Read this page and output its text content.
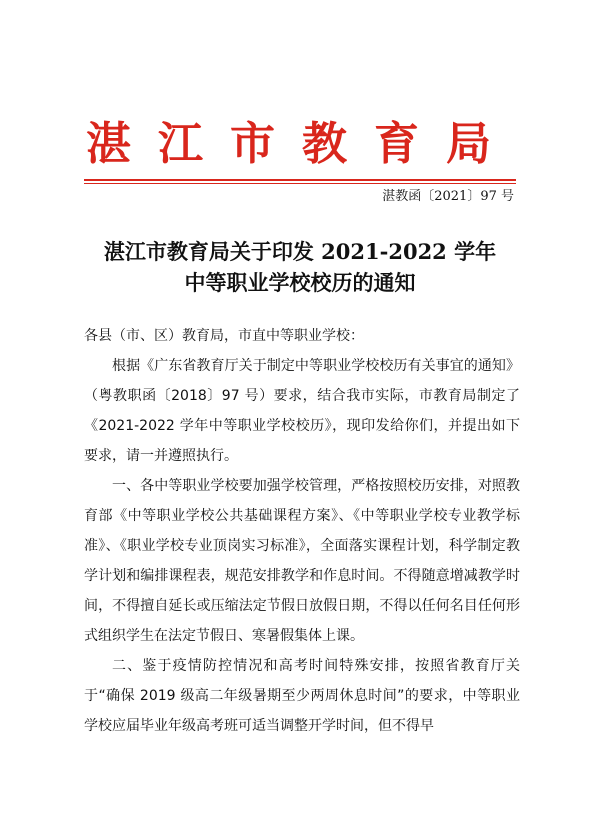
湛江市教育局
湛教函〔2021〕97 号
湛江市教育局关于印发 2021-2022 学年
中等职业学校校历的通知

各县（市、区）教育局，市直中等职业学校：

根据《广东省教育厅关于制定中等职业学校校历有关事宜的通知》（粤教职函〔2018〕97 号）要求，结合我市实际，市教育局制定了《2021-2022 学年中等职业学校校历》，现印发给你们，并提出如下要求，请一并遵照执行。

一、各中等职业学校要加强学校管理，严格按照校历安排，对照教育部《中等职业学校公共基础课程方案》、《中等职业学校专业教学标准》、《职业学校专业顶岗实习标准》，全面落实课程计划，科学制定教学计划和编排课程表，规范安排教学和作息时间。不得随意增减教学时间，不得擅自延长或压缩法定节假日放假日期，不得以任何名目任何形式组织学生在法定节假日、寒暑假集体上课。

二、鉴于疫情防控情况和高考时间特殊安排，按照省教育厅关于“确保 2019 级高二年级暑期至少两周休息时间”的要求，中等职业学校应届毕业年级高考班可适当调整开学时间，但不得早
